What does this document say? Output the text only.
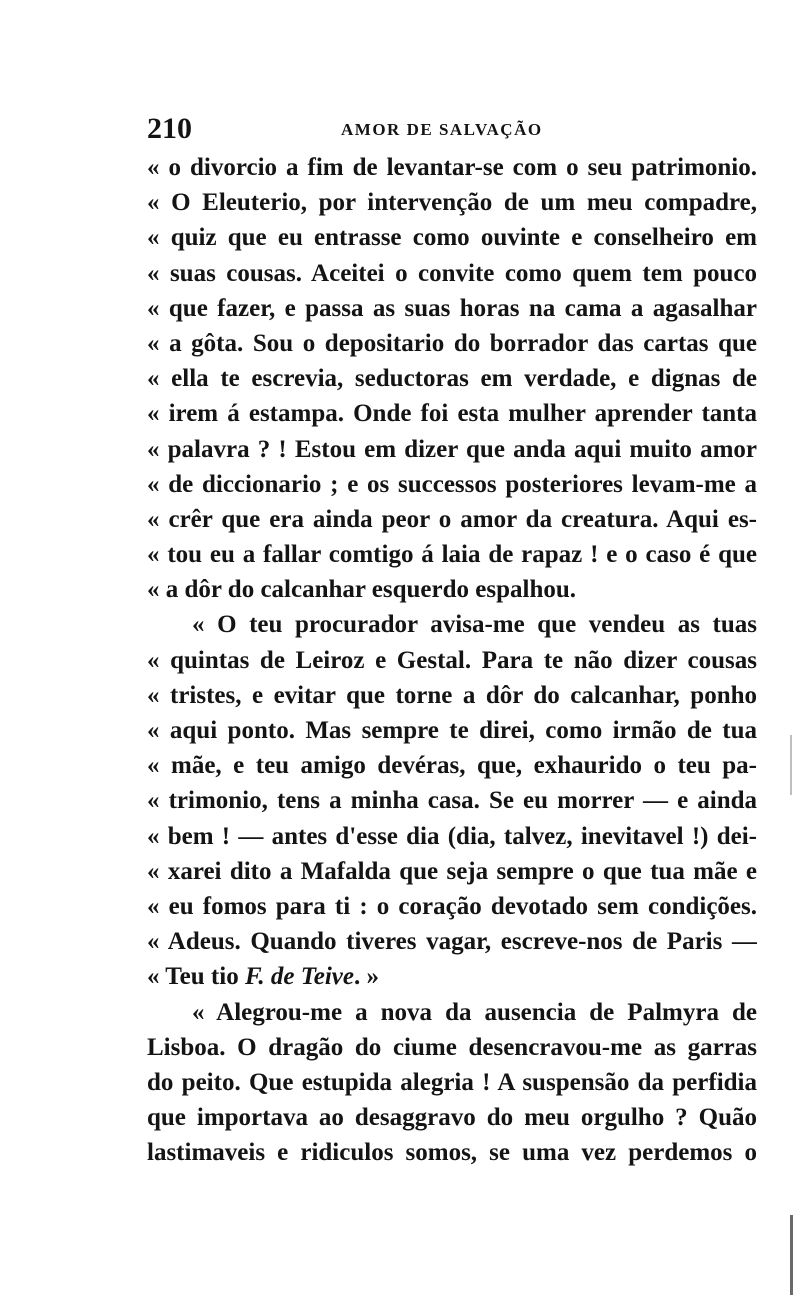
210	AMOR DE SALVAÇÃO
« o divorcio a fim de levantar-se com o seu patrimonio.
« O Eleuterio, por intervenção de um meu compadre,
« quiz que eu entrasse como ouvinte e conselheiro em
« suas cousas. Aceitei o convite como quem tem pouco
« que fazer, e passa as suas horas na cama a agasalhar
« a gôta. Sou o depositario do borrador das cartas que
« ella te escrevia, seductoras em verdade, e dignas de
« irem á estampa. Onde foi esta mulher aprender tanta
« palavra ? ! Estou em dizer que anda aqui muito amor
« de diccionario ; e os successos posteriores levam-me a
« crêr que era ainda peor o amor da creatura. Aqui es-
« tou eu a fallar comtigo á laia de rapaz ! e o caso é que
« a dôr do calcanhar esquerdo espalhou.
« O teu procurador avisa-me que vendeu as tuas
« quintas de Leiroz e Gestal. Para te não dizer cousas
« tristes, e evitar que torne a dôr do calcanhar, ponho
« aqui ponto. Mas sempre te direi, como irmão de tua
« mãe, e teu amigo devéras, que, exhaurido o teu pa-
« trimonio, tens a minha casa. Se eu morrer — e ainda
« bem ! — antes d'esse dia (dia, talvez, inevitavel !) dei-
« xarei dito a Mafalda que seja sempre o que tua mãe e
« eu fomos para ti : o coração devotado sem condições.
« Adeus. Quando tiveres vagar, escreve-nos de Paris —
« Teu tio F. de Teive. »
« Alegrou-me a nova da ausencia de Palmyra de
Lisboa. O dragão do ciume desencravou-me as garras
do peito. Que estupida alegria ! A suspensão da perfidia
que importava ao desaggravo do meu orgulho ? Quão
lastimaveis e ridiculos somos, se uma vez perdemos o
